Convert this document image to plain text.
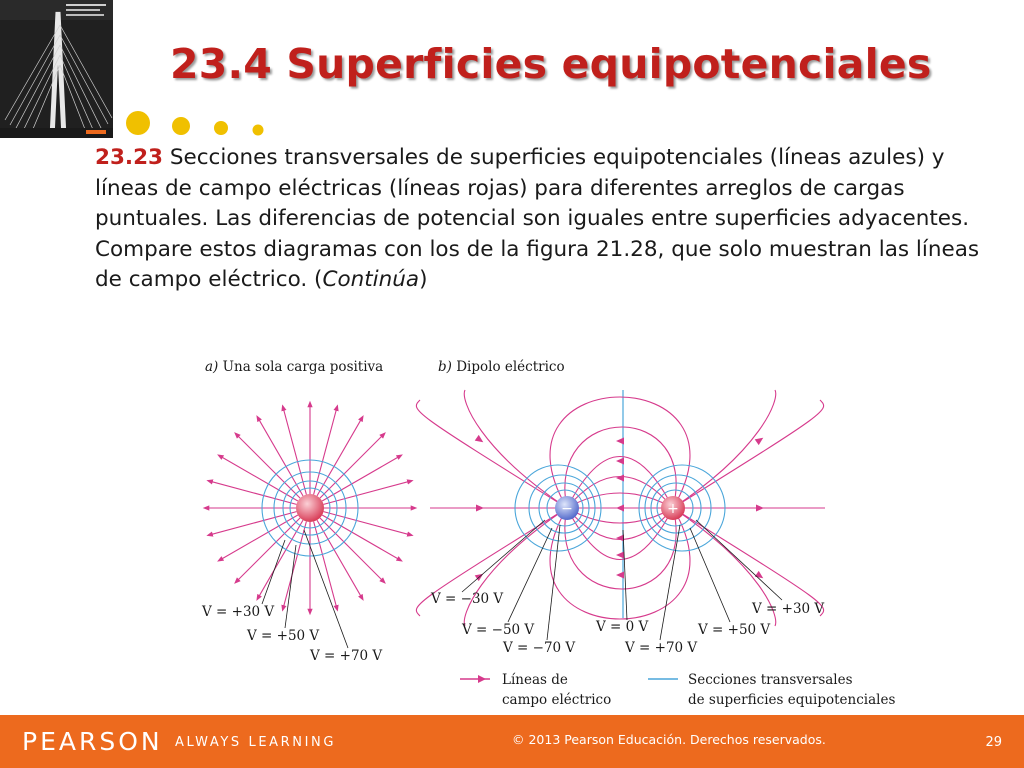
23.4 Superficies equipotenciales
23.23 Secciones transversales de superficies equipotenciales (líneas azules) y líneas de campo eléctricas (líneas rojas) para diferentes arreglos de cargas puntuales. Las diferencias de potencial son iguales entre superficies adyacentes. Compare estos diagramas con los de la figura 21.28, que solo muestran las líneas de campo eléctrico. (Continúa)
a) Una sola carga positiva	b) Dipolo eléctrico
V = +30 V
V = +50 V
V = +70 V
−	+
V = −30 V
V = −50 V
V = −70 V
V = 0 V
V = +70 V
V = +50 V
V = +30 V
Líneas de
campo eléctrico
Secciones transversales
de superficies equipotenciales
PEARSON ALWAYS LEARNING	© 2013 Pearson Educación. Derechos reservados.	29
